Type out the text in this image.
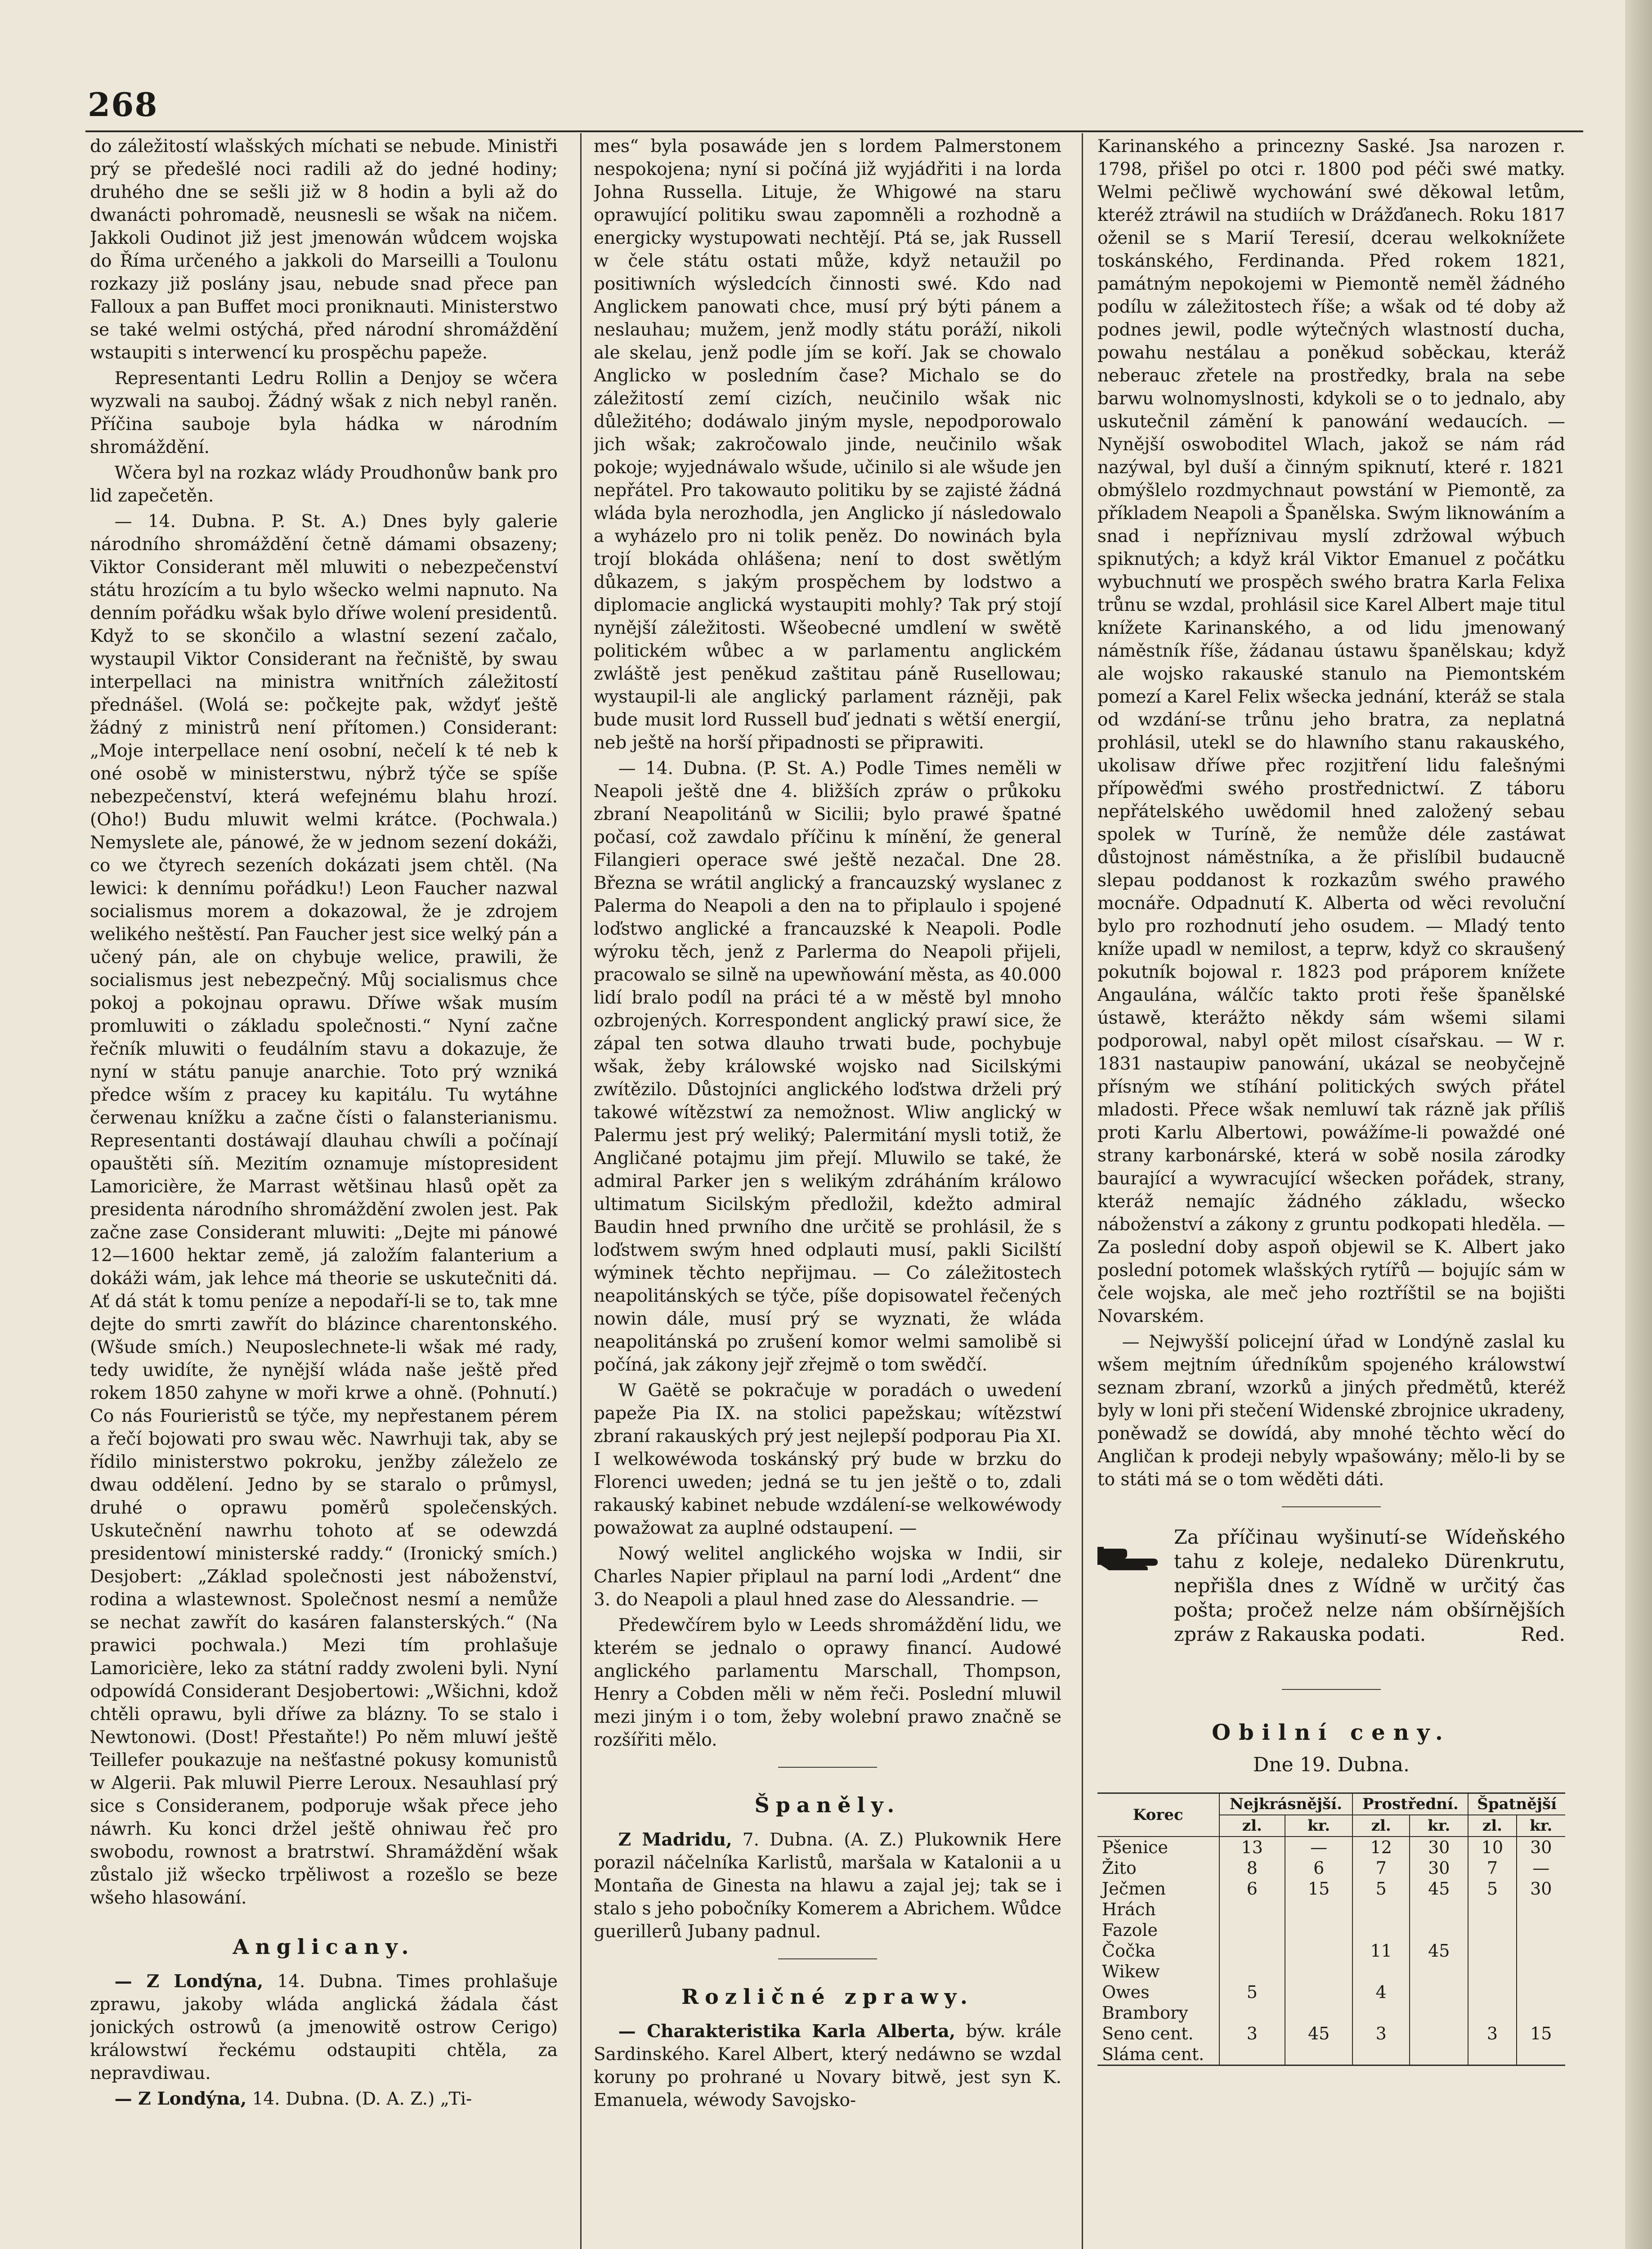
268

do záležitostí wlašských míchati se nebude. Ministři prý se předešlé noci radili až do jedné hodiny; druhého dne se sešli již w 8 hodin a byli až do dwanácti pohromadě, neusnesli se wšak na ničem. Jakkoli Oudinot již jest jmenowán wůdcem wojska do Říma určeného a jakkoli do Marseilli a Toulonu rozkazy již poslány jsau, nebude snad přece pan Falloux a pan Buffet moci proniknauti. Ministerstwo se také welmi ostýchá, před národní shromáždění wstaupiti s interwencí ku prospěchu papeže.

Representanti Ledru Rollin a Denjoy se wčera wyzwali na sauboj. Žádný wšak z nich nebyl raněn. Příčina sauboje byla hádka w národním shromáždění.

Wčera byl na rozkaz wlády Proudhonůw bank pro lid zapečetěn.

— 14. Dubna. P. St. A.) Dnes byly galerie národního shromáždění četně dámami obsazeny; Viktor Considerant měl mluwiti o nebezpečenství státu hrozícím a tu bylo wšecko welmi napnuto. Na denním pořádku wšak bylo dříwe wolení presidentů. Když to se skončilo a wlastní sezení začalo, wystaupil Viktor Considerant na řečniště, by swau interpellaci na ministra wnitřních záležitostí přednášel. (Wolá se: počkejte pak, wždyť ještě žádný z ministrů není přítomen.) Considerant: „Moje interpellace není osobní, nečelí k té neb k oné osobě w ministerstwu, nýbrž týče se spíše nebezpečenství, která wefejnému blahu hrozí. (Oho!) Budu mluwit welmi krátce. (Pochwala.) Nemyslete ale, pánowé, že w jednom sezení dokáži, co we čtyrech sezeních dokázati jsem chtěl. (Na lewici: k dennímu pořádku!) Leon Faucher nazwal socialismus morem a dokazowal, že je zdrojem welikého neštěstí. Pan Faucher jest sice welký pán a učený pán, ale on chybuje welice, prawili, že socialismus jest nebezpečný. Můj socialismus chce pokoj a pokojnau oprawu. Dříwe wšak musím promluwiti o základu společnosti.“ Nyní začne řečník mluwiti o feudálním stavu a dokazuje, že nyní w státu panuje anarchie. Toto prý wzniká předce wším z pracey ku kapitálu. Tu wytáhne čerwenau knížku a začne čísti o falansterianismu. Representanti dostáwají dlauhau chwíli a počínají opauštěti síň. Mezitím oznamuje místopresident Lamoricière, že Marrast wětšinau hlasů opět za presidenta národního shromáždění zwolen jest. Pak začne zase Considerant mluwiti: „Dejte mi pánowé 12—1600 hektar země, já založím falanterium a dokáži wám, jak lehce má theorie se uskutečniti dá. Ať dá stát k tomu peníze a nepodaří-li se to, tak mne dejte do smrti zawřít do blázince charentonského. (Wšude smích.) Neuposlechnete-li wšak mé rady, tedy uwidíte, že nynější wláda naše ještě před rokem 1850 zahyne w moři krwe a ohně. (Pohnutí.) Co nás Fourieristů se týče, my nepřestanem pérem a řečí bojowati pro swau wěc. Nawrhuji tak, aby se řídilo ministerstwo pokroku, jenžby záleželo ze dwau oddělení. Jedno by se staralo o průmysl, druhé o oprawu poměrů společenských. Uskutečnění nawrhu tohoto ať se odewzdá presidentowí ministerské raddy.“ (Ironický smích.) Desjobert: „Základ společnosti jest náboženství, rodina a wlastewnost. Společnost nesmí a nemůže se nechat zawřít do kasáren falansterských.“ (Na prawici pochwala.) Mezi tím prohlašuje Lamoricière, leko za státní raddy zwoleni byli. Nyní odpowídá Considerant Desjobertowi: „Wšichni, kdož chtěli oprawu, byli dříwe za blázny. To se stalo i Newtonowi. (Dost! Přestaňte!) Po něm mluwí ještě Teillefer poukazuje na nešťastné pokusy komunistů w Algerii. Pak mluwil Pierre Leroux. Nesauhlasí prý sice s Consideranem, podporuje wšak přece jeho náwrh. Ku konci držel ještě ohniwau řeč pro swobodu, rownost a bratrstwí. Shramáždění wšak zůstalo již wšecko trpěliwost a rozešlo se beze wšeho hlasowání.

Anglicany.

— Z Londýna, 14. Dubna. Times prohlašuje zprawu, jakoby wláda anglická žádala část jonických ostrowů (a jmenowitě ostrow Cerigo) králowstwí řeckému odstaupiti chtěla, za nepravdiwau.

— Z Londýna, 14. Dubna. (D. A. Z.) „Ti-

mes“ byla posawáde jen s lordem Palmerstonem nespokojena; nyní si počíná již wyjádřiti i na lorda Johna Russella. Lituje, že Whigowé na staru oprawující politiku swau zapomněli a rozhodně a energicky wystupowati nechtějí. Ptá se, jak Russell w čele státu ostati může, když netaužil po positiwních wýsledcích činnosti swé. Kdo nad Anglickem panowati chce, musí prý býti pánem a neslauhau; mužem, jenž modly státu poráží, nikoli ale skelau, jenž podle jím se koří. Jak se chowalo Anglicko w posledním čase? Michalo se do záležitostí zemí cizích, neučinilo wšak nic důležitého; dodáwalo jiným mysle, nepodporowalo jich wšak; zakročowalo jinde, neučinilo wšak pokoje; wyjednáwalo wšude, učinilo si ale wšude jen nepřátel. Pro takowauto politiku by se zajisté žádná wláda byla nerozhodla, jen Anglicko jí následowalo a wyházelo pro ni tolik peněz. Do nowinách byla trojí blokáda ohlášena; není to dost swětlým důkazem, s jakým prospěchem by lodstwo a diplomacie anglická wystaupiti mohly? Tak prý stojí nynější záležitosti. Wšeobecné umdlení w swětě politickém wůbec a w parlamentu anglickém zwláště jest peněkud zaštitau páně Rusellowau; wystaupil-li ale anglický parlament rázněji, pak bude musit lord Russell buď jednati s wětší energií, neb ještě na horší připadnosti se připrawiti.

— 14. Dubna. (P. St. A.) Podle Times neměli w Neapoli ještě dne 4. bližších zpráw o průkoku zbraní Neapolitánů w Sicilii; bylo prawé špatné počasí, což zawdalo příčinu k mínění, že general Filangieri operace swé ještě nezačal. Dne 28. Března se wrátil anglický a francauzský wyslanec z Palerma do Neapoli a den na to připlaulo i spojené loďstwo anglické a francauzské k Neapoli. Podle wýroku těch, jenž z Parlerma do Neapoli přijeli, pracowalo se silně na upewňowání města, as 40.000 lidí bralo podíl na práci té a w městě byl mnoho ozbrojených. Korrespondent anglický prawí sice, že zápal ten sotwa dlauho trwati bude, pochybuje wšak, žeby králowské wojsko nad Sicilskými zwítězilo. Důstojníci anglického loďstwa drželi prý takowé wítězstwí za nemožnost. Wliw anglický w Palermu jest prý weliký; Palermitání mysli totiž, že Angličané potajmu jim přejí. Mluwilo se také, že admiral Parker jen s welikým zdráháním králowo ultimatum Sicilským předložil, kdežto admiral Baudin hned prwního dne určitě se prohlásil, že s loďstwem swým hned odplauti musí, pakli Sicilští wýminek těchto nepřijmau. — Co záležitostech neapolitánských se týče, píše dopisowatel řečených nowin dále, musí prý se wyznati, že wláda neapolitánská po zrušení komor welmi samolibě si počíná, jak zákony jejř zřejmě o tom swědčí.

W Gaëtě se pokračuje w poradách o uwedení papeže Pia IX. na stolici papežskau; wítězstwí zbraní rakauských prý jest nejlepší podporau Pia XI. I welkowéwoda toskánský prý bude w brzku do Florenci uweden; jedná se tu jen ještě o to, zdali rakauský kabinet nebude wzdálení-se welkowéwody powažowat za auplné odstaupení. —

Nowý welitel anglického wojska w Indii, sir Charles Napier připlaul na parní lodi „Ardent“ dne 3. do Neapoli a plaul hned zase do Alessandrie. —

Předewčírem bylo w Leeds shromáždění lidu, we kterém se jednalo o oprawy financí. Audowé anglického parlamentu Marschall, Thompson, Henry a Cobden měli w něm řeči. Poslední mluwil mezi jiným i o tom, žeby wolební prawo značně se rozšířiti mělo.

Španěly.

Z Madridu, 7. Dubna. (A. Z.) Plukownik Here porazil náčelníka Karlistů, maršala w Katalonii a u Montaña de Ginesta na hlawu a zajal jej; tak se i stalo s jeho pobočníky Komerem a Abrichem. Wůdce guerillerů Jubany padnul.

Rozličné zprawy.

— Charakteristika Karla Alberta, býw. krále Sardinského. Karel Albert, který nedáwno se wzdal koruny po prohrané u Novary bitwě, jest syn K. Emanuela, wéwody Savojsko-

Karinanského a princezny Saské. Jsa narozen r. 1798, přišel po otci r. 1800 pod péči swé matky. Welmi pečliwě wychowání swé děkowal letům, kteréž ztráwil na studiích w Drážďanech. Roku 1817 oženil se s Marií Teresií, dcerau welkoknížete toskánského, Ferdinanda. Před rokem 1821, památným nepokojemi w Piemontě neměl žádného podílu w záležitostech říše; a wšak od té doby až podnes jewil, podle wýtečných wlastností ducha, powahu nestálau a poněkud soběckau, kteráž neberauc zřetele na prostředky, brala na sebe barwu wolnomyslnosti, kdykoli se o to jednalo, aby uskutečnil zámění k panowání wedaucích. — Nynější oswoboditel Wlach, jakož se nám rád nazýwal, byl duší a činným spiknutí, které r. 1821 obmýšlelo rozdmychnaut powstání w Piemontě, za příkladem Neapoli a Španělska. Swým liknowáním a snad i nepříznivau myslí zdržowal wýbuch spiknutých; a když král Viktor Emanuel z počátku wybuchnutí we prospěch swého bratra Karla Felixa trůnu se wzdal, prohlásil sice Karel Albert maje titul knížete Karinanského, a od lidu jmenowaný náměstník říše, žádanau ústawu španělskau; když ale wojsko rakauské stanulo na Piemontském pomezí a Karel Felix wšecka jednání, kteráž se stala od wzdání-se trůnu jeho bratra, za neplatná prohlásil, utekl se do hlawního stanu rakauského, ukolisaw dříwe přec rozjitření lidu falešnými přípowěďmi swého prostřednictwí. Z táboru nepřátelského uwědomil hned založený sebau spolek w Turíně, že nemůže déle zastáwat důstojnost náměstníka, a že přislíbil budaucně slepau poddanost k rozkazům swého prawého mocnáře. Odpadnutí K. Alberta od wěci revoluční bylo pro rozhodnutí jeho osudem. — Mladý tento kníže upadl w nemilost, a teprw, když co skraušený pokutník bojowal r. 1823 pod práporem knížete Angaulána, wálčíc takto proti řeše španělské ústawě, kterážto někdy sám wšemi silami podporowal, nabyl opět milost císařskau. — W r. 1831 nastaupiw panowání, ukázal se neobyčejně přísným we stíhání politických swých přátel mladosti. Přece wšak nemluwí tak rázně jak příliš proti Karlu Albertowi, powážíme-li powaždé oné strany karbonárské, která w sobě nosila zárodky baurající a wywracující wšecken pořádek, strany, kteráž nemajíc žádného základu, wšecko náboženství a zákony z gruntu podkopati hleděla. — Za poslední doby aspoň objewil se K. Albert jako poslední potomek wlašských rytířů — bojujíc sám w čele wojska, ale meč jeho roztříštil se na bojišti Novarském.

— Nejwyšší policejní úřad w Londýně zaslal ku wšem mejtním úředníkům spojeného králowstwí seznam zbraní, wzorků a jiných předmětů, kteréž byly w loni při stečení Widenské zbrojnice ukradeny, poněwadž se dowídá, aby mnohé těchto wěcí do Angličan k prodeji nebyly wpašowány; mělo-li by se to státi má se o tom wěděti dáti.

Za příčinau wyšinutí-se Wídeňského tahu z koleje, nedaleko Dürenkrutu, nepřišla dnes z Wídně w určitý čas pošta; pročež nelze nám obšírnějších zpráw z Rakauska podati.	Red.
Obilní ceny.
Dne 19. Dubna.
Korec	Nejkrásnější.		Prostřední.		Špatnější	
	zl.	kr.	zl.	kr.	zl.	kr.
Pšenice	13	—	12	30	10	30
Žito	8	6	7	30	7	—
Ječmen	6	15	5	45	5	30
Hrách						
Fazole						
Čočka			11	45		
Wikew						
Owes	5		4			
Brambory						
Seno cent.	3	45	3		3	15
Sláma cent.						
